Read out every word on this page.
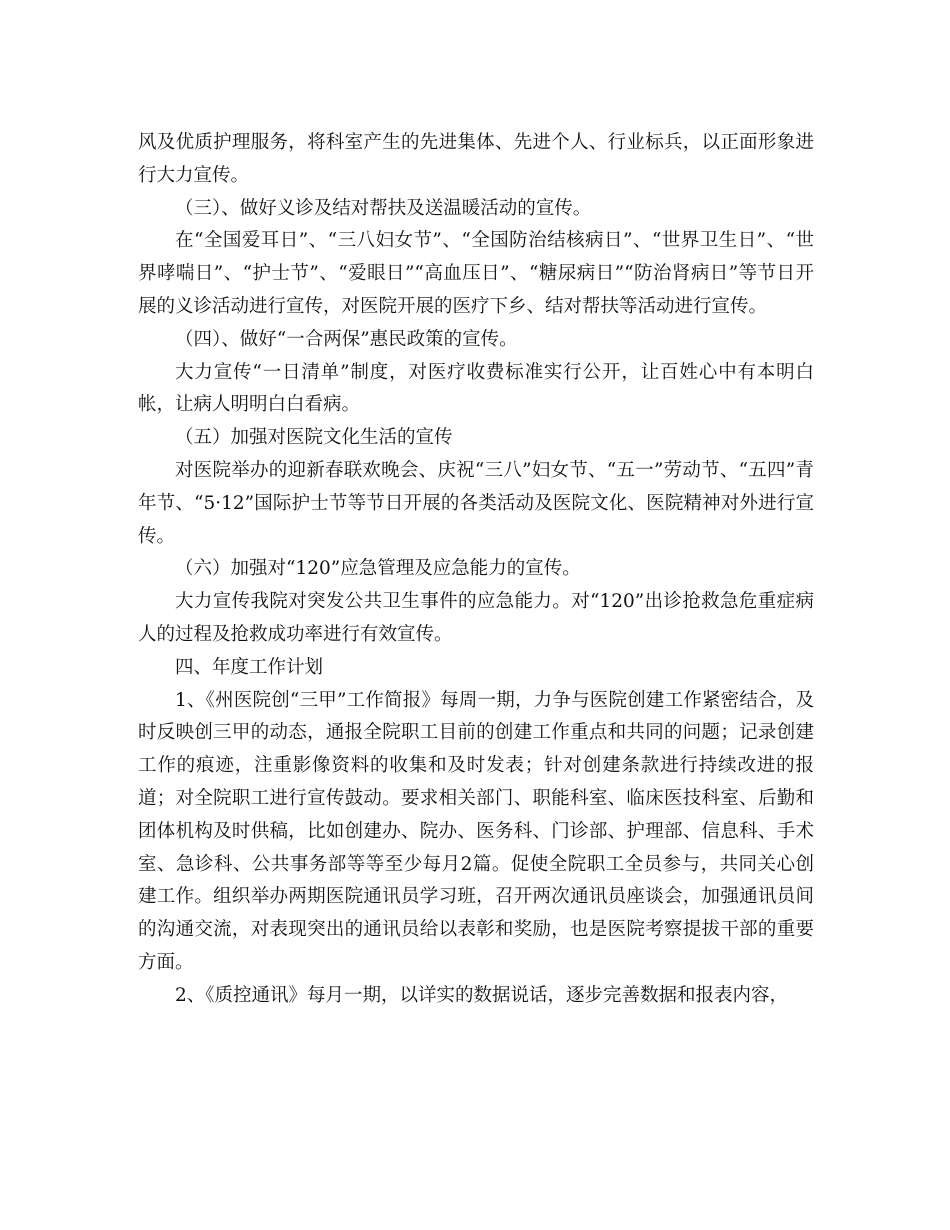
风及优质护理服务，将科室产生的先进集体、先进个人、行业标兵，以正面形象进行大力宣传。

（三）、做好义诊及结对帮扶及送温暖活动的宣传。

在“全国爱耳日”、“三八妇女节”、“全国防治结核病日”、“世界卫生日”、“世界哮喘日”、“护士节”、“爱眼日”“高血压日”、“糖尿病日”“防治肾病日”等节日开展的义诊活动进行宣传，对医院开展的医疗下乡、结对帮扶等活动进行宣传。

（四）、做好“一合两保”惠民政策的宣传。

大力宣传“一日清单”制度，对医疗收费标准实行公开，让百姓心中有本明白帐，让病人明明白白看病。

（五）加强对医院文化生活的宣传

对医院举办的迎新春联欢晚会、庆祝“三八”妇女节、“五一”劳动节、“五四”青年节、“5·12”国际护士节等节日开展的各类活动及医院文化、医院精神对外进行宣传。

（六）加强对“120”应急管理及应急能力的宣传。

大力宣传我院对突发公共卫生事件的应急能力。对“120”出诊抢救急危重症病人的过程及抢救成功率进行有效宣传。

四、年度工作计划

1、《州医院创“三甲”工作简报》每周一期，力争与医院创建工作紧密结合，及时反映创三甲的动态，通报全院职工目前的创建工作重点和共同的问题；记录创建工作的痕迹，注重影像资料的收集和及时发表；针对创建条款进行持续改进的报道；对全院职工进行宣传鼓动。要求相关部门、职能科室、临床医技科室、后勤和团体机构及时供稿，比如创建办、院办、医务科、门诊部、护理部、信息科、手术室、急诊科、公共事务部等等至少每月2篇。促使全院职工全员参与，共同关心创建工作。组织举办两期医院通讯员学习班，召开两次通讯员座谈会，加强通讯员间的沟通交流，对表现突出的通讯员给以表彰和奖励，也是医院考察提拔干部的重要方面。

2、《质控通讯》每月一期，以详实的数据说话，逐步完善数据和报表内容，
